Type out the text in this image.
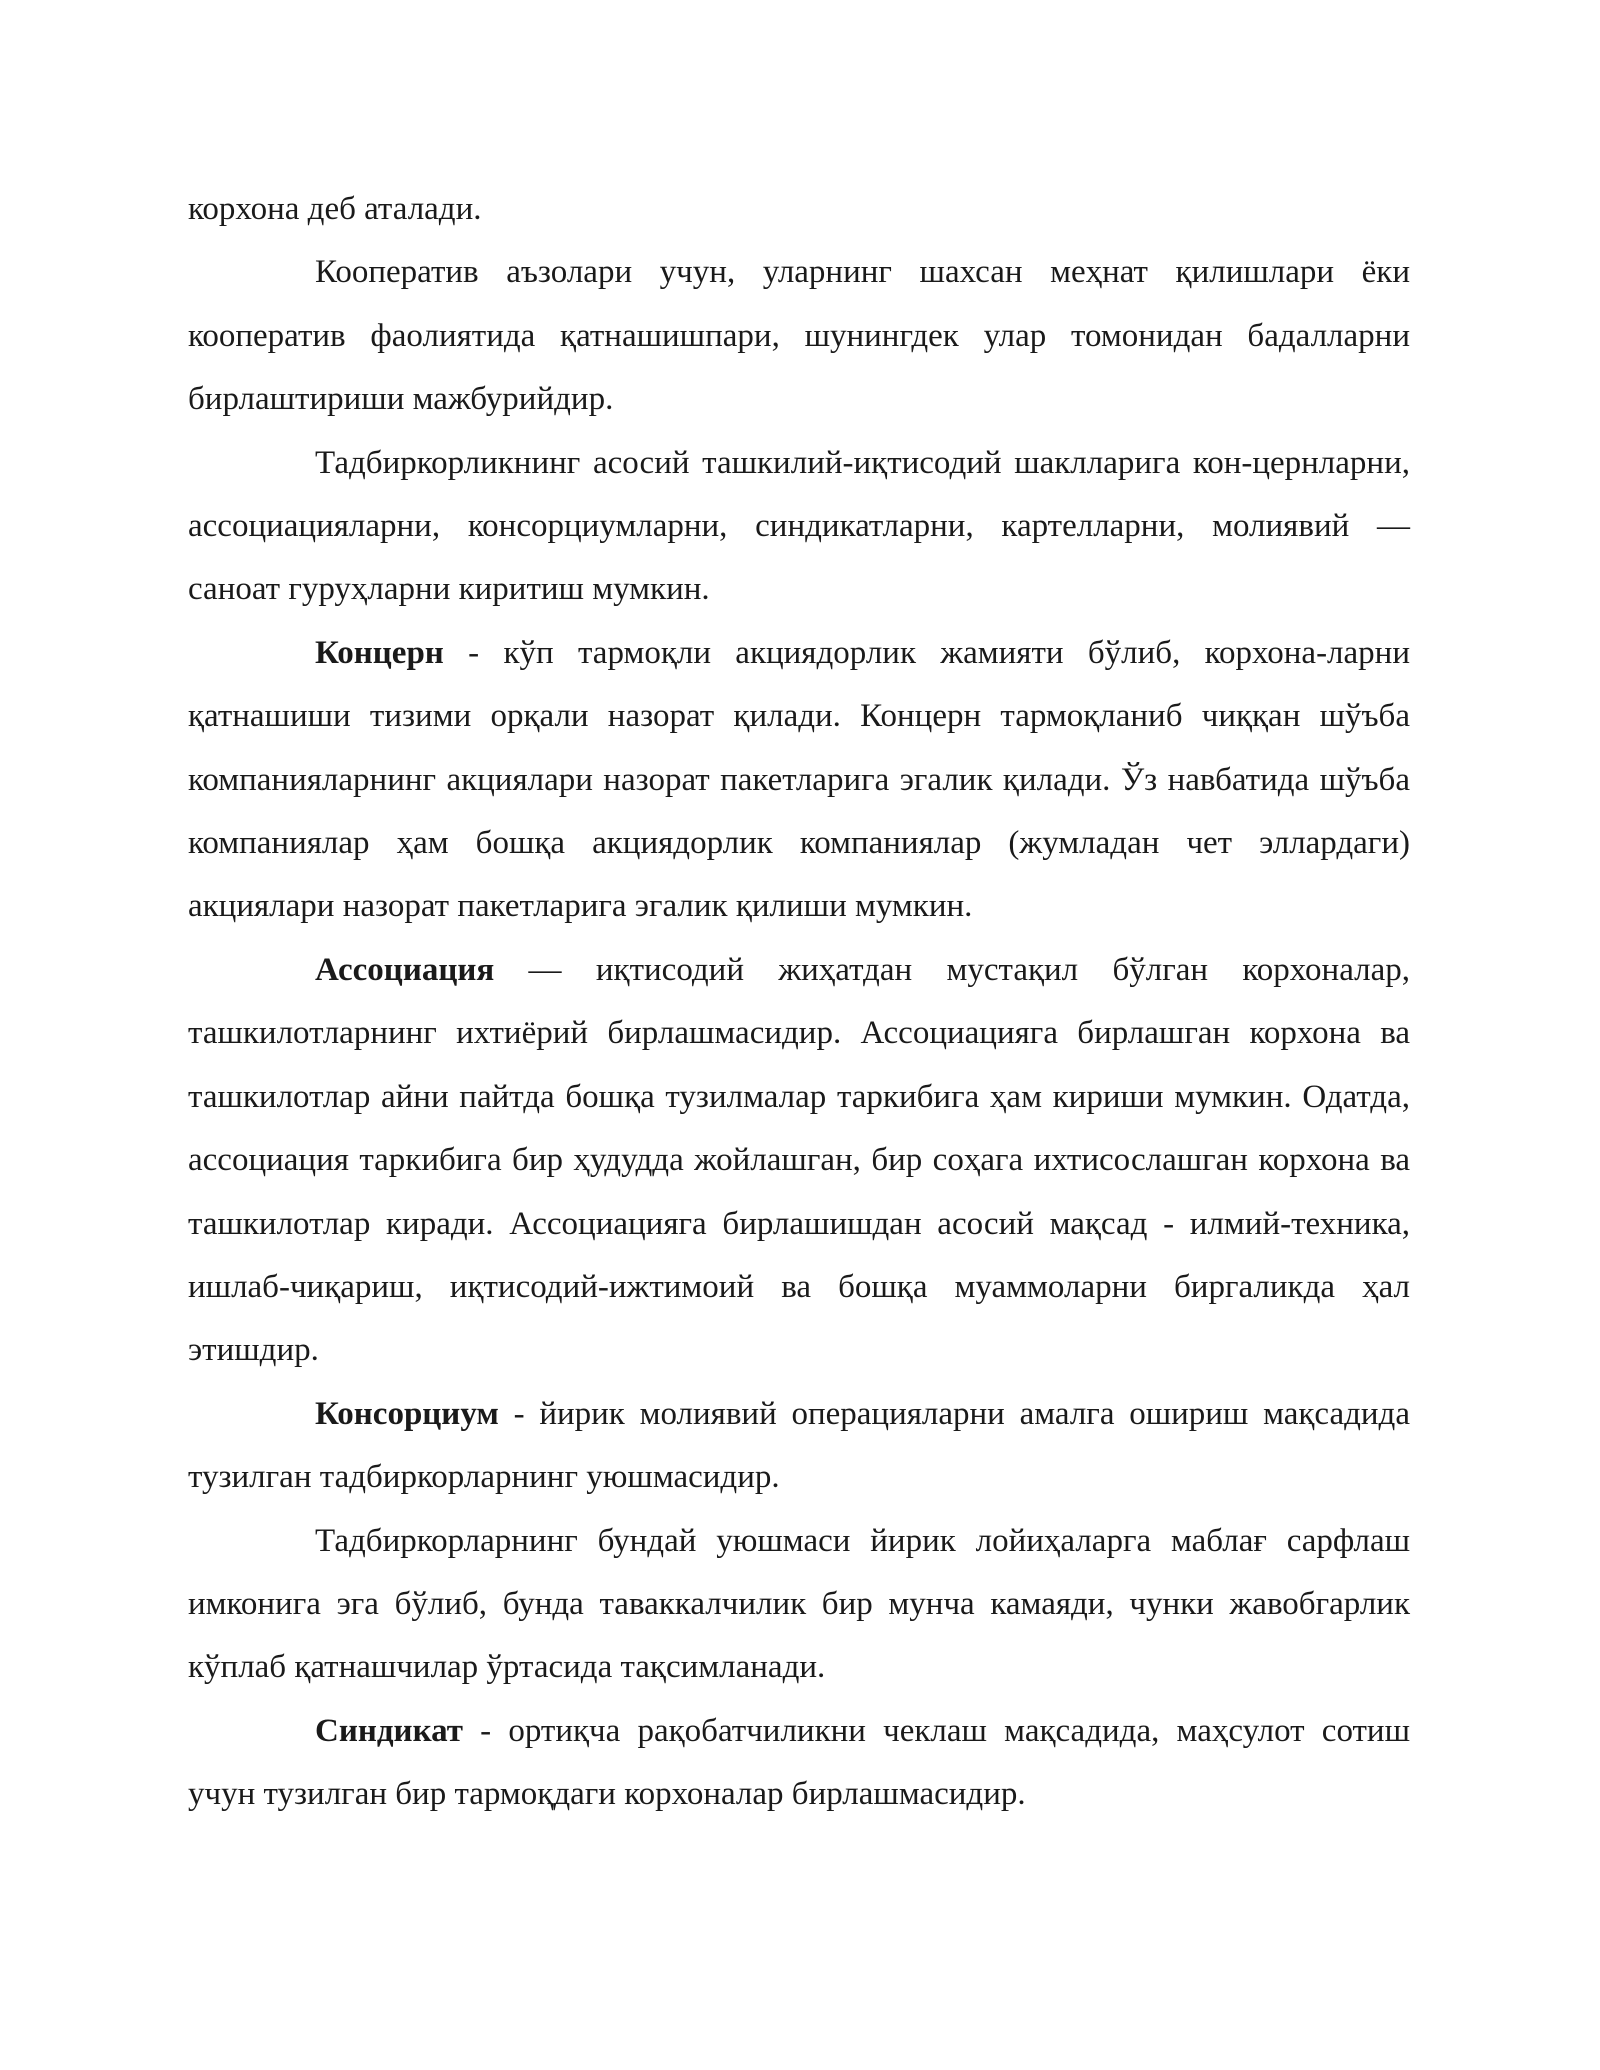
корхона деб аталади.

Кооператив аъзолари учун, уларнинг шахсан меҳнат қилишлари ёки кооператив фаолиятида қатнашишпари, шунингдек улар томонидан бадалларни бирлаштириши мажбурийдир.

Тадбиркорликнинг асосий ташкилий-иқтисодий шаклларига кон-цернларни, ассоциацияларни, консорциумларни, синдикатларни, картелларни, молиявий — саноат гуруҳларни киритиш мумкин.

Концерн - кўп тармоқли акциядорлик жамияти бўлиб, корхона-ларни қатнашиши тизими орқали назорат қилади. Концерн тармоқланиб чиққан шўъба компанияларнинг акциялари назорат пакетларига эгалик қилади. Ўз навбатида шўъба компаниялар ҳам бошқа акциядорлик компаниялар (жумладан чет эллардаги) акциялари назорат пакетларига эгалик қилиши мумкин.

Ассоциация — иқтисодий жиҳатдан мустақил бўлган корхоналар, ташкилотларнинг ихтиёрий бирлашмасидир. Ассоциацияга бирлашган корхона ва ташкилотлар айни пайтда бошқа тузилмалар таркибига ҳам кириши мумкин. Одатда, ассоциация таркибига бир ҳудудда жойлашган, бир соҳага ихтисослашган корхона ва ташкилотлар киради. Ассоциацияга бирлашишдан асосий мақсад - илмий-техника, ишлаб-чиқариш, иқтисодий-ижтимоий ва бошқа муаммоларни биргаликда ҳал этишдир.

Консорциум - йирик молиявий операцияларни амалга ошириш мақсадида тузилган тадбиркорларнинг уюшмасидир.

Тадбиркорларнинг бундай уюшмаси йирик лойиҳаларга маблағ сарфлаш имконига эга бўлиб, бунда таваккалчилик бир мунча камаяди, чунки жавобгарлик кўплаб қатнашчилар ўртасида тақсимланади.

Синдикат - ортиқча рақобатчиликни чеклаш мақсадида, маҳсулот сотиш учун тузилган бир тармоқдаги корхоналар бирлашмасидир.
